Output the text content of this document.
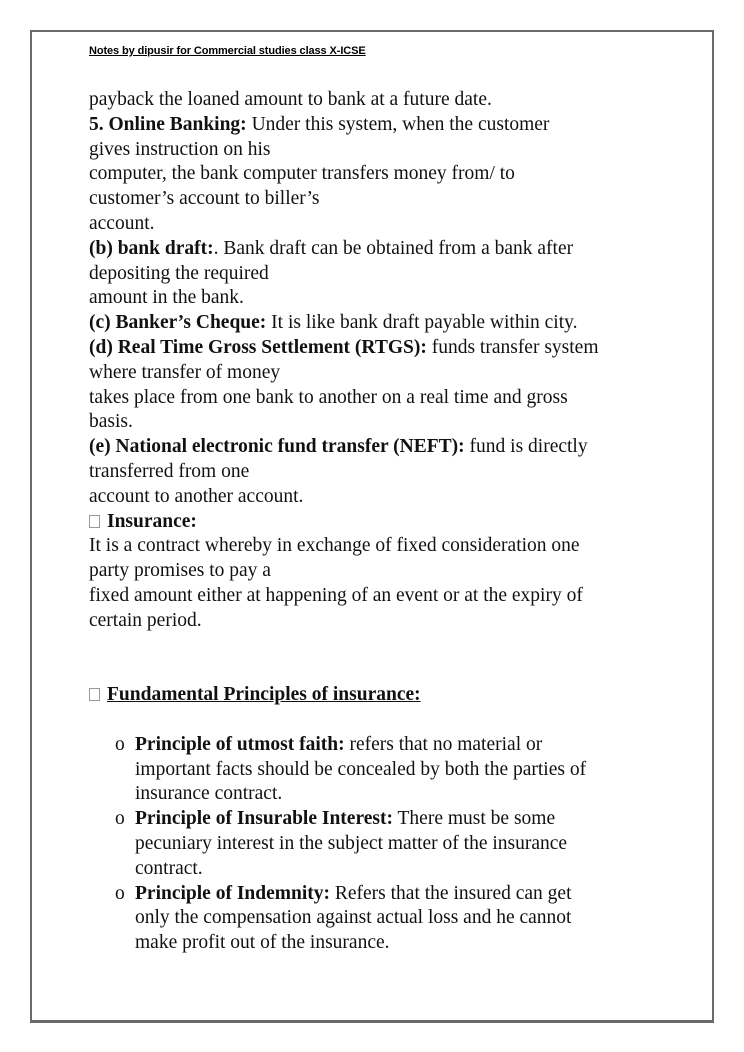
Notes by dipusir for Commercial studies class X-ICSE
payback the loaned amount to bank at a future date.
5. Online Banking: Under this system, when the customer
gives instruction on his
computer, the bank computer transfers money from/ to
customer’s account to biller’s
account.
(b) bank draft:. Bank draft can be obtained from a bank after
depositing the required
amount in the bank.
(c) Banker’s Cheque: It is like bank draft payable within city.
(d) Real Time Gross Settlement (RTGS): funds transfer system
where transfer of money
takes place from one bank to another on a real time and gross
basis.
(e) National electronic fund transfer (NEFT): fund is directly
transferred from one
account to another account.
Insurance:
It is a contract whereby in exchange of fixed consideration one
party promises to pay a
fixed amount either at happening of an event or at the expiry of
certain period.
Fundamental Principles of insurance:
o Principle of utmost faith: refers that no material or
important facts should be concealed by both the parties of
insurance contract.
o Principle of Insurable Interest: There must be some
pecuniary interest in the subject matter of the insurance
contract.
o Principle of Indemnity: Refers that the insured can get
only the compensation against actual loss and he cannot
make profit out of the insurance.
